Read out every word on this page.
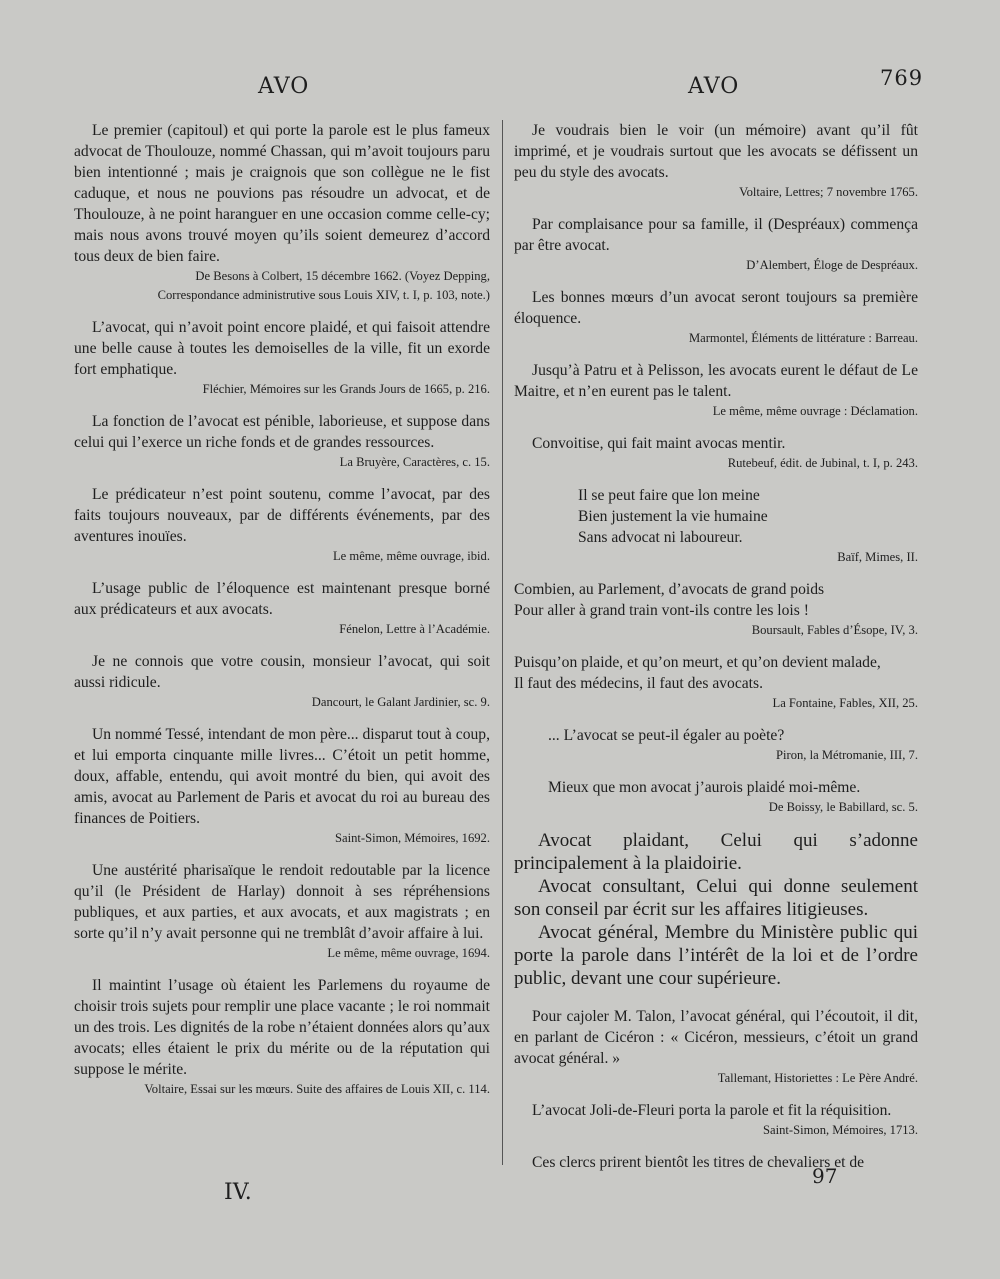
AVO	AVO	769

Le premier (capitoul) et qui porte la parole est le plus fameux advocat de Thoulouze, nommé Chassan, qui m’avoit toujours paru bien intentionné ; mais je craignois que son collègue ne le fist caduque, et nous ne pouvions pas résoudre un advocat, et de Thoulouze, à ne point haranguer en une occasion comme celle-cy; mais nous avons trouvé moyen qu’ils soient demeurez d’accord tous deux de bien faire.

De Besons à Colbert, 15 décembre 1662. (Voyez Depping, Correspondance administrutive sous Louis XIV, t. I, p. 103, note.)

L’avocat, qui n’avoit point encore plaidé, et qui faisoit attendre une belle cause à toutes les demoiselles de la ville, fit un exorde fort emphatique.

Fléchier, Mémoires sur les Grands Jours de 1665, p. 216.

La fonction de l’avocat est pénible, laborieuse, et suppose dans celui qui l’exerce un riche fonds et de grandes ressources.

La Bruyère, Caractères, c. 15.

Le prédicateur n’est point soutenu, comme l’avocat, par des faits toujours nouveaux, par de différents événements, par des aventures inouïes.

Le même, même ouvrage, ibid.

L’usage public de l’éloquence est maintenant presque borné aux prédicateurs et aux avocats.

Fénelon, Lettre à l’Académie.

Je ne connois que votre cousin, monsieur l’avocat, qui soit aussi ridicule.

Dancourt, le Galant Jardinier, sc. 9.

Un nommé Tessé, intendant de mon père... disparut tout à coup, et lui emporta cinquante mille livres... C’étoit un petit homme, doux, affable, entendu, qui avoit montré du bien, qui avoit des amis, avocat au Parlement de Paris et avocat du roi au bureau des finances de Poitiers.

Saint-Simon, Mémoires, 1692.

Une austérité pharisaïque le rendoit redoutable par la licence qu’il (le Président de Harlay) donnoit à ses répréhensions publiques, et aux parties, et aux avocats, et aux magistrats ; en sorte qu’il n’y avait personne qui ne tremblât d’avoir affaire à lui.

Le même, même ouvrage, 1694.

Il maintint l’usage où étaient les Parlemens du royaume de choisir trois sujets pour remplir une place vacante ; le roi nommait un des trois. Les dignités de la robe n’étaient données alors qu’aux avocats; elles étaient le prix du mérite ou de la réputation qui suppose le mérite.

Voltaire, Essai sur les mœurs. Suite des affaires de Louis XII, c. 114.

Je voudrais bien le voir (un mémoire) avant qu’il fût imprimé, et je voudrais surtout que les avocats se défissent un peu du style des avocats.

Voltaire, Lettres; 7 novembre 1765.

Par complaisance pour sa famille, il (Despréaux) commença par être avocat.

D’Alembert, Éloge de Despréaux.

Les bonnes mœurs d’un avocat seront toujours sa première éloquence.

Marmontel, Éléments de littérature : Barreau.

Jusqu’à Patru et à Pelisson, les avocats eurent le défaut de Le Maitre, et n’en eurent pas le talent.

Le même, même ouvrage : Déclamation.

Convoitise, qui fait maint avocas mentir.

Rutebeuf, édit. de Jubinal, t. I, p. 243.

Il se peut faire que lon meine
Bien justement la vie humaine
Sans advocat ni laboureur.

Baïf, Mimes, II.

Combien, au Parlement, d’avocats de grand poids
Pour aller à grand train vont-ils contre les lois !

Boursault, Fables d’Ésope, IV, 3.

Puisqu’on plaide, et qu’on meurt, et qu’on devient malade,
Il faut des médecins, il faut des avocats.

La Fontaine, Fables, XII, 25.

... L’avocat se peut-il égaler au poète?

Piron, la Métromanie, III, 7.

Mieux que mon avocat j’aurois plaidé moi-même.

De Boissy, le Babillard, sc. 5.

Avocat plaidant, Celui qui s’adonne principalement à la plaidoirie.

Avocat consultant, Celui qui donne seulement son conseil par écrit sur les affaires litigieuses.

Avocat général, Membre du Ministère public qui porte la parole dans l’intérêt de la loi et de l’ordre public, devant une cour supérieure.

Pour cajoler M. Talon, l’avocat général, qui l’écoutoit, il dit, en parlant de Cicéron : « Cicéron, messieurs, c’étoit un grand avocat général. »

Tallemant, Historiettes : Le Père André.

L’avocat Joli-de-Fleuri porta la parole et fit la réquisition.

Saint-Simon, Mémoires, 1713.

Ces clercs prirent bientôt les titres de chevaliers et de

IV.
97
